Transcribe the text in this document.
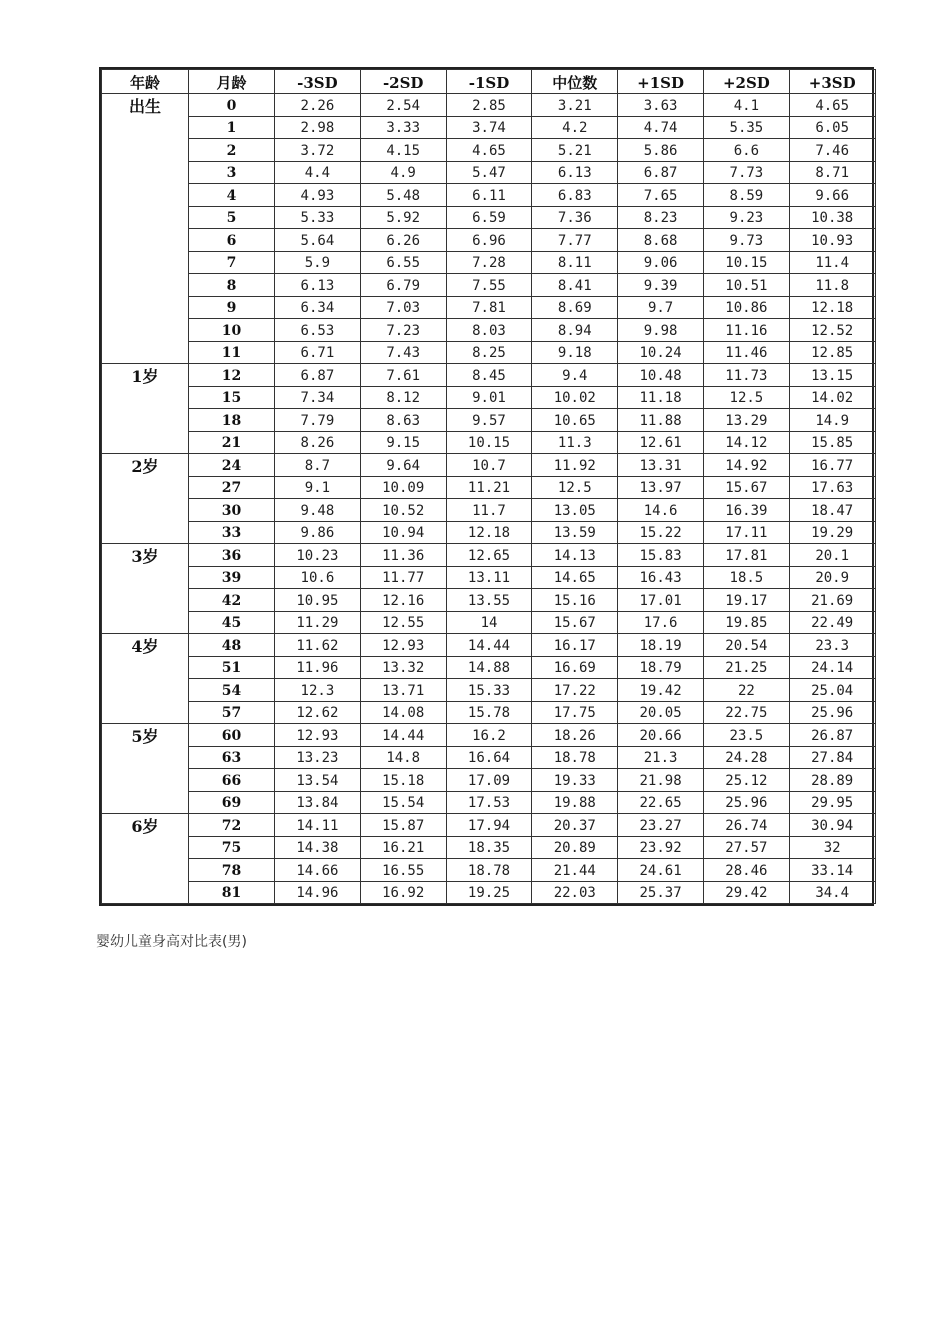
年龄	月龄	-3SD	-2SD	-1SD	中位数	+1SD	+2SD	+3SD
出生	0	2.26	2.54	2.85	3.21	3.63	4.1	4.65
	1	2.98	3.33	3.74	4.2	4.74	5.35	6.05
	2	3.72	4.15	4.65	5.21	5.86	6.6	7.46
	3	4.4	4.9	5.47	6.13	6.87	7.73	8.71
	4	4.93	5.48	6.11	6.83	7.65	8.59	9.66
	5	5.33	5.92	6.59	7.36	8.23	9.23	10.38
	6	5.64	6.26	6.96	7.77	8.68	9.73	10.93
	7	5.9	6.55	7.28	8.11	9.06	10.15	11.4
	8	6.13	6.79	7.55	8.41	9.39	10.51	11.8
	9	6.34	7.03	7.81	8.69	9.7	10.86	12.18
	10	6.53	7.23	8.03	8.94	9.98	11.16	12.52
	11	6.71	7.43	8.25	9.18	10.24	11.46	12.85
1岁	12	6.87	7.61	8.45	9.4	10.48	11.73	13.15
	15	7.34	8.12	9.01	10.02	11.18	12.5	14.02
	18	7.79	8.63	9.57	10.65	11.88	13.29	14.9
	21	8.26	9.15	10.15	11.3	12.61	14.12	15.85
2岁	24	8.7	9.64	10.7	11.92	13.31	14.92	16.77
	27	9.1	10.09	11.21	12.5	13.97	15.67	17.63
	30	9.48	10.52	11.7	13.05	14.6	16.39	18.47
	33	9.86	10.94	12.18	13.59	15.22	17.11	19.29
3岁	36	10.23	11.36	12.65	14.13	15.83	17.81	20.1
	39	10.6	11.77	13.11	14.65	16.43	18.5	20.9
	42	10.95	12.16	13.55	15.16	17.01	19.17	21.69
	45	11.29	12.55	14	15.67	17.6	19.85	22.49
4岁	48	11.62	12.93	14.44	16.17	18.19	20.54	23.3
	51	11.96	13.32	14.88	16.69	18.79	21.25	24.14
	54	12.3	13.71	15.33	17.22	19.42	22	25.04
	57	12.62	14.08	15.78	17.75	20.05	22.75	25.96
5岁	60	12.93	14.44	16.2	18.26	20.66	23.5	26.87
	63	13.23	14.8	16.64	18.78	21.3	24.28	27.84
	66	13.54	15.18	17.09	19.33	21.98	25.12	28.89
	69	13.84	15.54	17.53	19.88	22.65	25.96	29.95
6岁	72	14.11	15.87	17.94	20.37	23.27	26.74	30.94
	75	14.38	16.21	18.35	20.89	23.92	27.57	32
	78	14.66	16.55	18.78	21.44	24.61	28.46	33.14
	81	14.96	16.92	19.25	22.03	25.37	29.42	34.4
婴幼儿童身高对比表(男)
